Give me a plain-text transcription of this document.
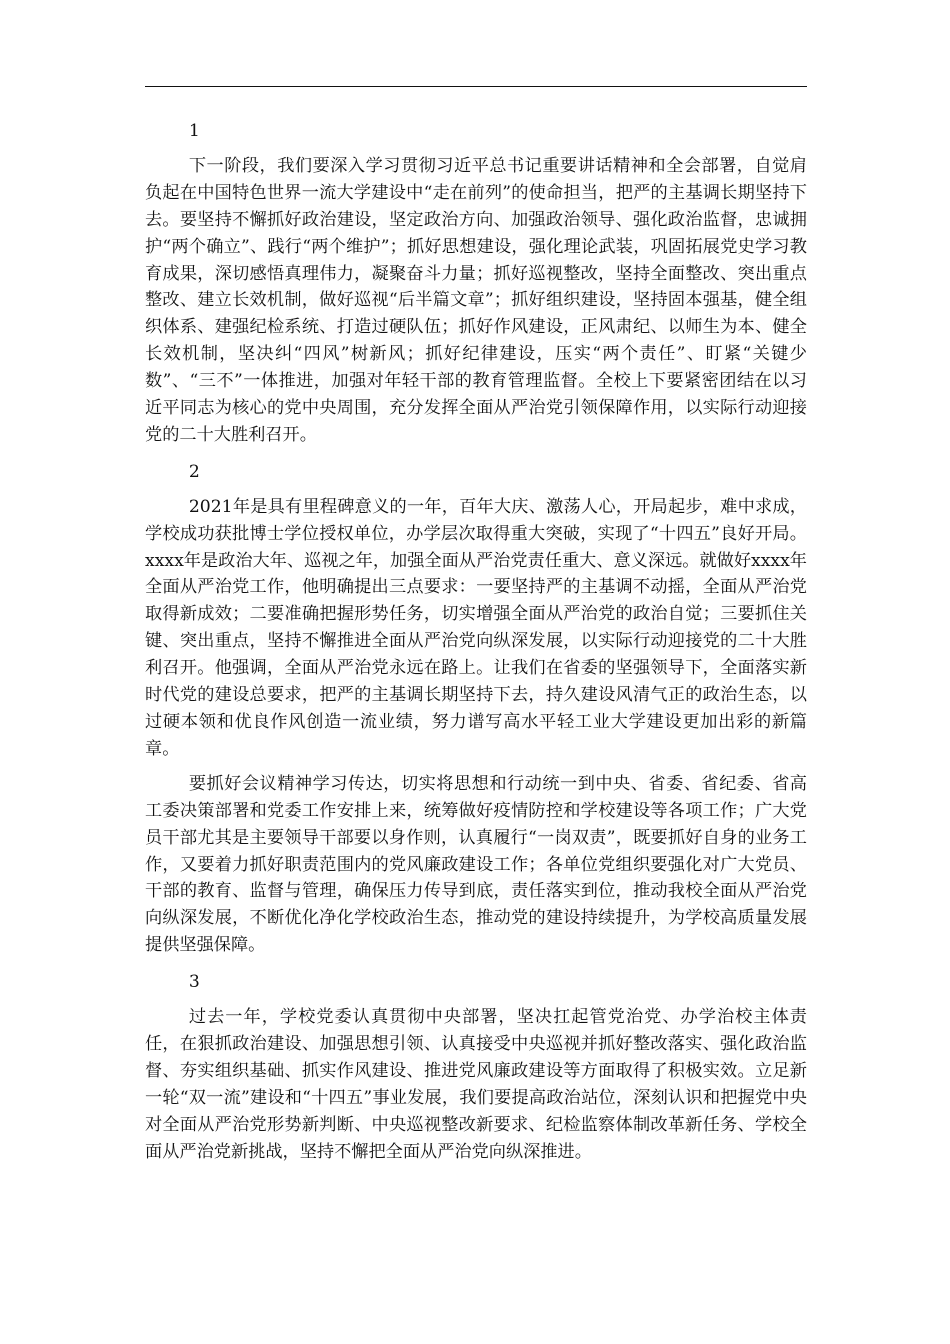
1

下一阶段，我们要深入学习贯彻习近平总书记重要讲话精神和全会部署，自觉肩负起在中国特色世界一流大学建设中“走在前列”的使命担当，把严的主基调长期坚持下去。要坚持不懈抓好政治建设，坚定政治方向、加强政治领导、强化政治监督，忠诚拥护“两个确立”、践行“两个维护”；抓好思想建设，强化理论武装，巩固拓展党史学习教育成果，深切感悟真理伟力，凝聚奋斗力量；抓好巡视整改，坚持全面整改、突出重点整改、建立长效机制，做好巡视“后半篇文章”；抓好组织建设，坚持固本强基，健全组织体系、建强纪检系统、打造过硬队伍；抓好作风建设，正风肃纪、以师生为本、健全长效机制，坚决纠“四风”树新风；抓好纪律建设，压实“两个责任”、盯紧“关键少数”、“三不”一体推进，加强对年轻干部的教育管理监督。全校上下要紧密团结在以习近平同志为核心的党中央周围，充分发挥全面从严治党引领保障作用，以实际行动迎接党的二十大胜利召开。

2

2021年是具有里程碑意义的一年，百年大庆、激荡人心，开局起步，难中求成，学校成功获批博士学位授权单位，办学层次取得重大突破，实现了“十四五”良好开局。xxxx年是政治大年、巡视之年，加强全面从严治党责任重大、意义深远。就做好xxxx年全面从严治党工作，他明确提出三点要求：一要坚持严的主基调不动摇，全面从严治党取得新成效；二要准确把握形势任务，切实增强全面从严治党的政治自觉；三要抓住关键、突出重点，坚持不懈推进全面从严治党向纵深发展，以实际行动迎接党的二十大胜利召开。他强调，全面从严治党永远在路上。让我们在省委的坚强领导下，全面落实新时代党的建设总要求，把严的主基调长期坚持下去，持久建设风清气正的政治生态，以过硬本领和优良作风创造一流业绩，努力谱写高水平轻工业大学建设更加出彩的新篇章。

要抓好会议精神学习传达，切实将思想和行动统一到中央、省委、省纪委、省高工委决策部署和党委工作安排上来，统筹做好疫情防控和学校建设等各项工作；广大党员干部尤其是主要领导干部要以身作则，认真履行“一岗双责”，既要抓好自身的业务工作，又要着力抓好职责范围内的党风廉政建设工作；各单位党组织要强化对广大党员、干部的教育、监督与管理，确保压力传导到底，责任落实到位，推动我校全面从严治党向纵深发展，不断优化净化学校政治生态，推动党的建设持续提升，为学校高质量发展提供坚强保障。

3

过去一年，学校党委认真贯彻中央部署，坚决扛起管党治党、办学治校主体责任，在狠抓政治建设、加强思想引领、认真接受中央巡视并抓好整改落实、强化政治监督、夯实组织基础、抓实作风建设、推进党风廉政建设等方面取得了积极实效。立足新一轮“双一流”建设和“十四五”事业发展，我们要提高政治站位，深刻认识和把握党中央对全面从严治党形势新判断、中央巡视整改新要求、纪检监察体制改革新任务、学校全面从严治党新挑战，坚持不懈把全面从严治党向纵深推进。
